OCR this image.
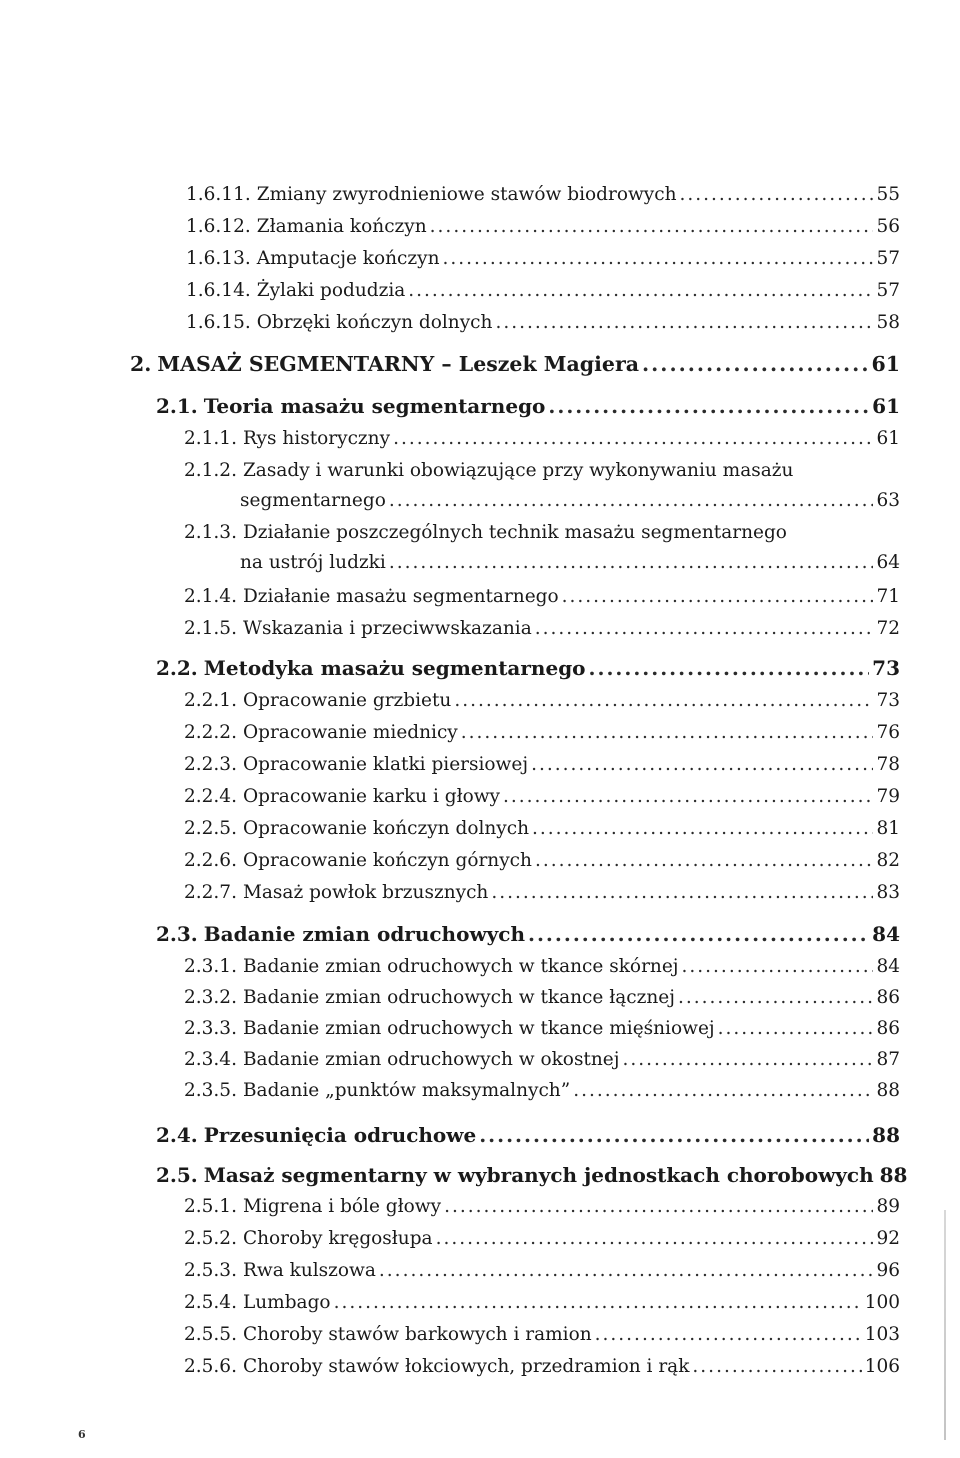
1.6.11. Zmiany zwyrodnieniowe stawów biodrowych .....	55
1.6.12. Złamania kończyn .....	56
1.6.13. Amputacje kończyn .....	57
1.6.14. Żylaki podudzia .....	57
1.6.15. Obrzęki kończyn dolnych .....	58
2. MASAŻ SEGMENTARNY – Leszek Magiera .....	61
2.1. Teoria masażu segmentarnego .....	61
2.1.1. Rys historyczny .....	61
2.1.2. Zasady i warunki obowiązujące przy wykonywaniu masażu
segmentarnego .....	63
2.1.3. Działanie poszczególnych technik masażu segmentarnego
na ustrój ludzki .....	64
2.1.4. Działanie masażu segmentarnego .....	71
2.1.5. Wskazania i przeciwwskazania .....	72
2.2. Metodyka masażu segmentarnego .....	73
2.2.1. Opracowanie grzbietu .....	73
2.2.2. Opracowanie miednicy .....	76
2.2.3. Opracowanie klatki piersiowej .....	78
2.2.4. Opracowanie karku i głowy .....	79
2.2.5. Opracowanie kończyn dolnych .....	81
2.2.6. Opracowanie kończyn górnych .....	82
2.2.7. Masaż powłok brzusznych .....	83
2.3. Badanie zmian odruchowych .....	84
2.3.1. Badanie zmian odruchowych w tkance skórnej .....	84
2.3.2. Badanie zmian odruchowych w tkance łącznej .....	86
2.3.3. Badanie zmian odruchowych w tkance mięśniowej .....	86
2.3.4. Badanie zmian odruchowych w okostnej .....	87
2.3.5. Badanie „punktów maksymalnych” .....	88
2.4. Przesunięcia odruchowe .....	88
2.5. Masaż segmentarny w wybranych jednostkach chorobowych 88
2.5.1. Migrena i bóle głowy .....	89
2.5.2. Choroby kręgosłupa .....	92
2.5.3. Rwa kulszowa .....	96
2.5.4. Lumbago .....	100
2.5.5. Choroby stawów barkowych i ramion .....	103
2.5.6. Choroby stawów łokciowych, przedramion i rąk .....	106
6
